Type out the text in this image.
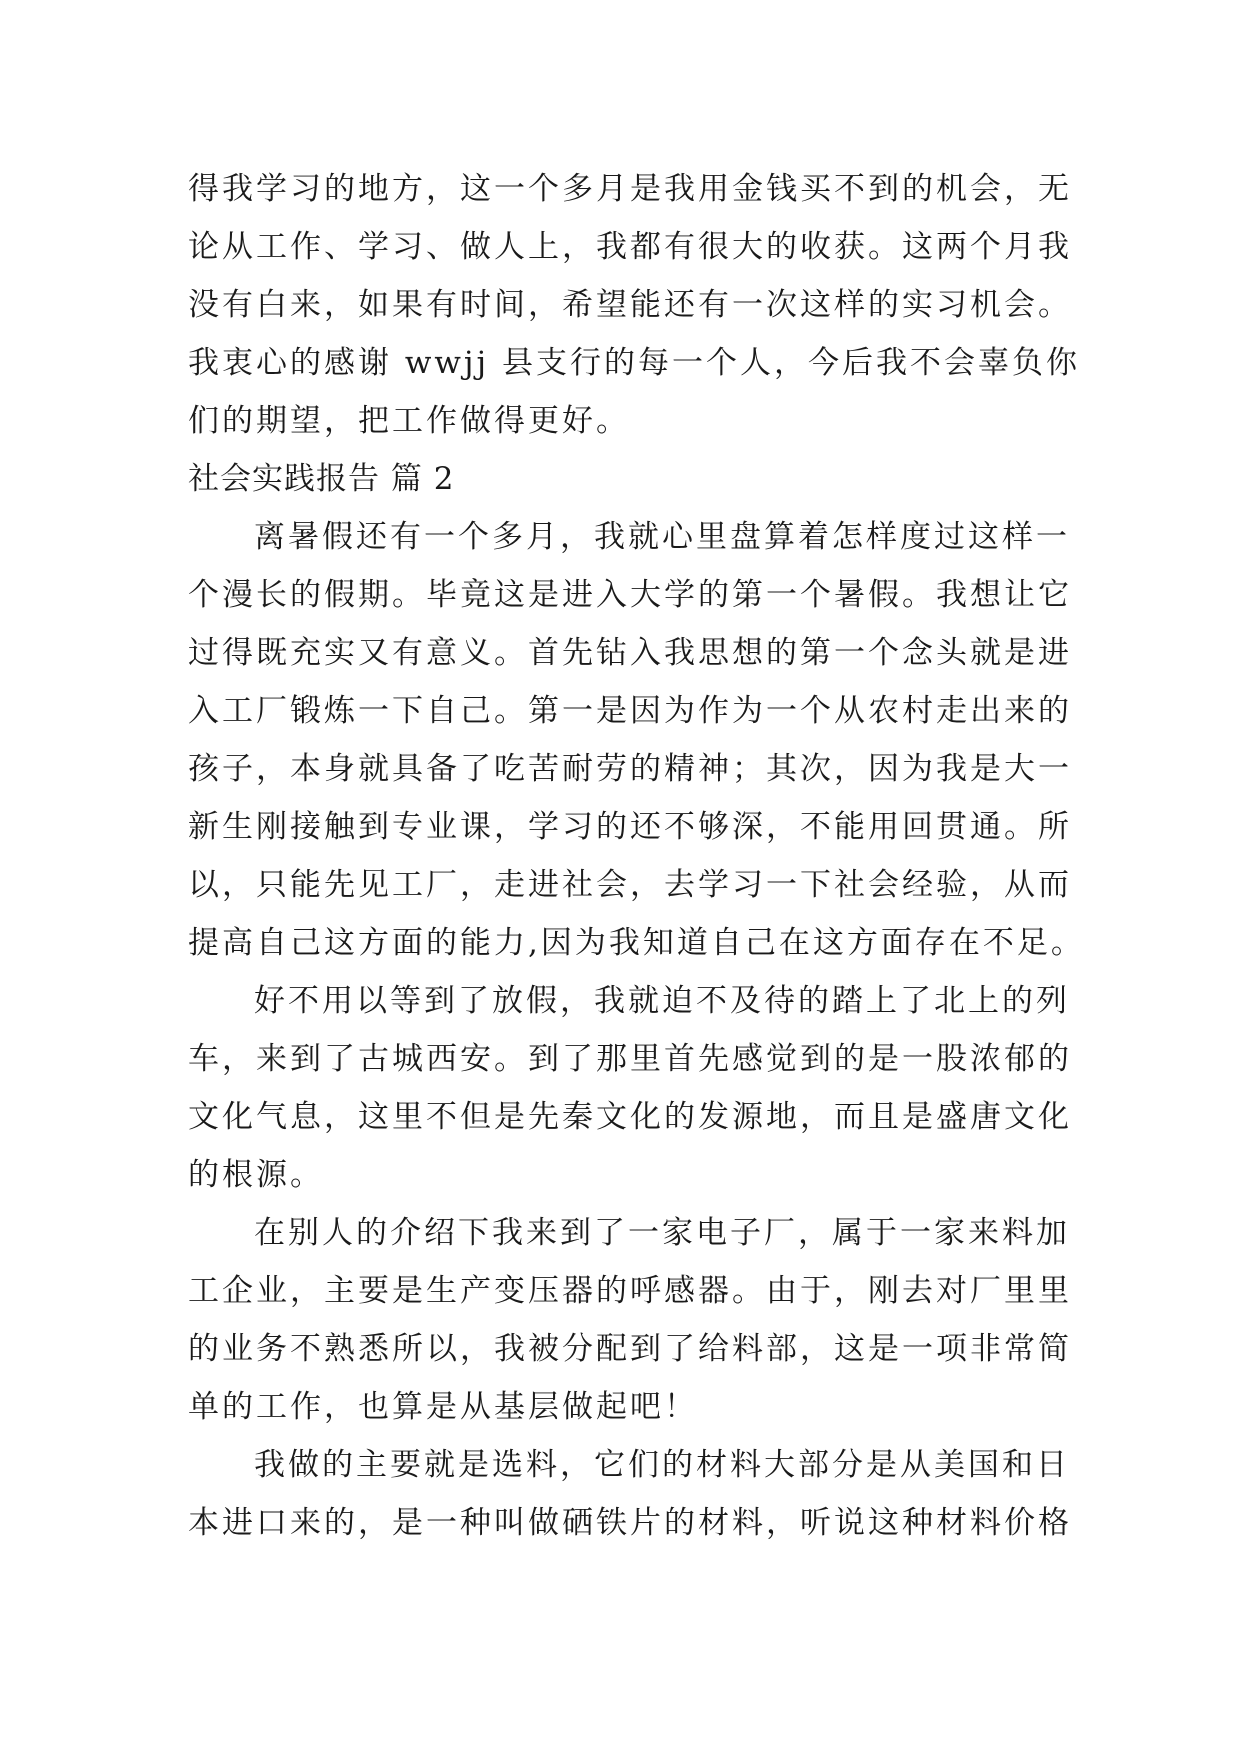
得我学习的地方，这一个多月是我用金钱买不到的机会，无
论从工作、学习、做人上，我都有很大的收获。这两个月我
没有白来，如果有时间，希望能还有一次这样的实习机会。
我衷心的感谢 wwjj 县支行的每一个人，今后我不会辜负你
们的期望，把工作做得更好。
社会实践报告 篇 2
离暑假还有一个多月，我就心里盘算着怎样度过这样一
个漫长的假期。毕竟这是进入大学的第一个暑假。我想让它
过得既充实又有意义。首先钻入我思想的第一个念头就是进
入工厂锻炼一下自己。第一是因为作为一个从农村走出来的
孩子，本身就具备了吃苦耐劳的精神；其次，因为我是大一
新生刚接触到专业课，学习的还不够深，不能用回贯通。所
以，只能先见工厂，走进社会，去学习一下社会经验，从而
提高自己这方面的能力,因为我知道自己在这方面存在不足。
好不用以等到了放假，我就迫不及待的踏上了北上的列
车，来到了古城西安。到了那里首先感觉到的是一股浓郁的
文化气息，这里不但是先秦文化的发源地，而且是盛唐文化
的根源。
在别人的介绍下我来到了一家电子厂，属于一家来料加
工企业，主要是生产变压器的呼感器。由于，刚去对厂里里
的业务不熟悉所以，我被分配到了给料部，这是一项非常简
单的工作，也算是从基层做起吧！
我做的主要就是选料，它们的材料大部分是从美国和日
本进口来的，是一种叫做硒铁片的材料，听说这种材料价格
